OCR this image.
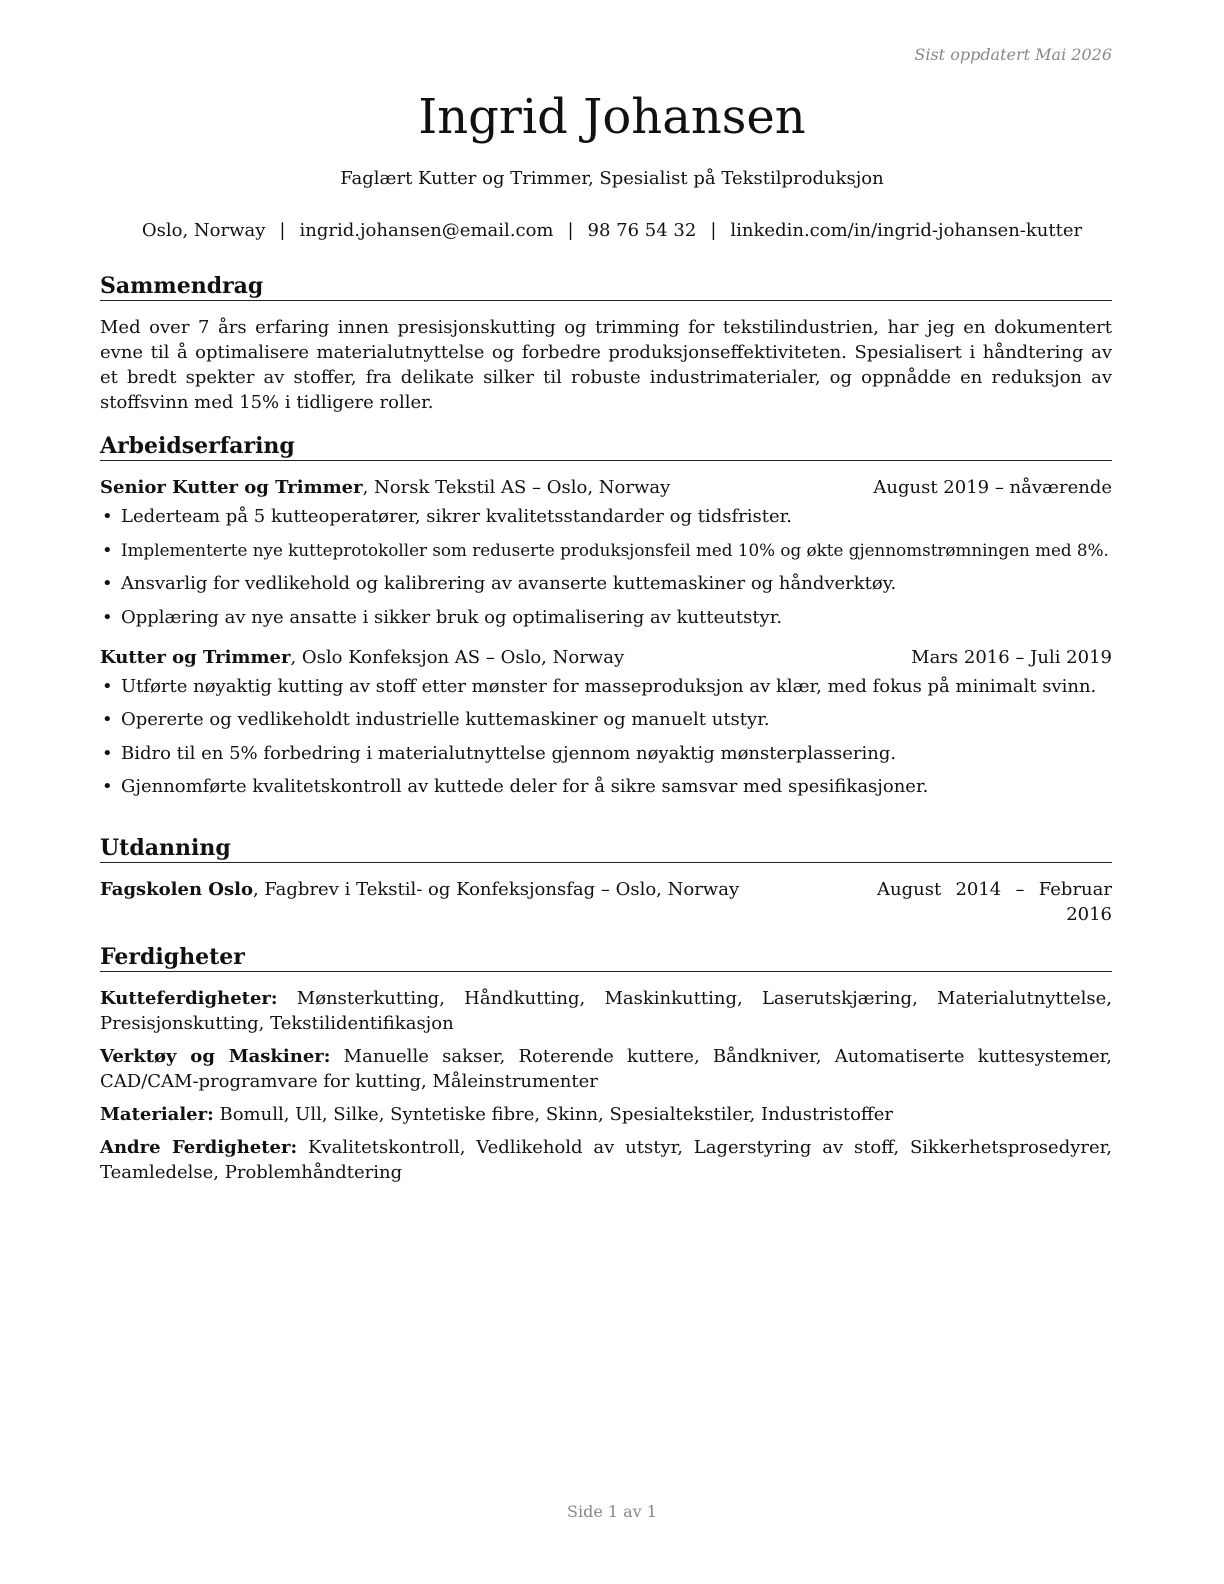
Sist oppdatert Mai 2026
Ingrid Johansen
Faglært Kutter og Trimmer, Spesialist på Tekstilproduksjon
Oslo, Norway | ingrid.johansen@email.com | 98 76 54 32 | linkedin.com/in/ingrid-johansen-kutter
Sammendrag
Med over 7 års erfaring innen presisjonskutting og trimming for tekstilindustrien, har jeg en dokumentert evne til å optimalisere materialutnyttelse og forbedre produksjonseffektiviteten. Spesialisert i håndtering av et bredt spekter av stoffer, fra delikate silker til robuste industrimaterialer, og oppnådde en reduksjon av stoffsvinn med 15% i tidligere roller.
Arbeidserfaring
Senior Kutter og Trimmer, Norsk Tekstil AS – Oslo, Norway	August 2019 – nåværende
• Lederteam på 5 kutteoperatører, sikrer kvalitetsstandarder og tidsfrister.
• Implementerte nye kutteprotokoller som reduserte produksjonsfeil med 10% og økte gjennomstrømningen med 8%.
• Ansvarlig for vedlikehold og kalibrering av avanserte kuttemaskiner og håndverktøy.
• Opplæring av nye ansatte i sikker bruk og optimalisering av kutteutstyr.
Kutter og Trimmer, Oslo Konfeksjon AS – Oslo, Norway	Mars 2016 – Juli 2019
• Utførte nøyaktig kutting av stoff etter mønster for masseproduksjon av klær, med fokus på minimalt svinn.
• Opererte og vedlikeholdt industrielle kuttemaskiner og manuelt utstyr.
• Bidro til en 5% forbedring i materialutnyttelse gjennom nøyaktig mønsterplassering.
• Gjennomførte kvalitetskontroll av kuttede deler for å sikre samsvar med spesifikasjoner.
Utdanning
Fagskolen Oslo, Fagbrev i Tekstil- og Konfeksjonsfag – Oslo, Norway	August 2014 – Februar 2016
Ferdigheter
Kutteferdigheter: Mønsterkutting, Håndkutting, Maskinkutting, Laserutskjæring, Materialutnyttelse, Presisjonskutting, Tekstilidentifikasjon
Verktøy og Maskiner: Manuelle sakser, Roterende kuttere, Båndkniver, Automatiserte kuttesystemer, CAD/CAM-programvare for kutting, Måleinstrumenter
Materialer: Bomull, Ull, Silke, Syntetiske fibre, Skinn, Spesialtekstiler, Industristoffer
Andre Ferdigheter: Kvalitetskontroll, Vedlikehold av utstyr, Lagerstyring av stoff, Sikkerhetsprosedyrer, Teamledelse, Problemhåndtering
Side 1 av 1
